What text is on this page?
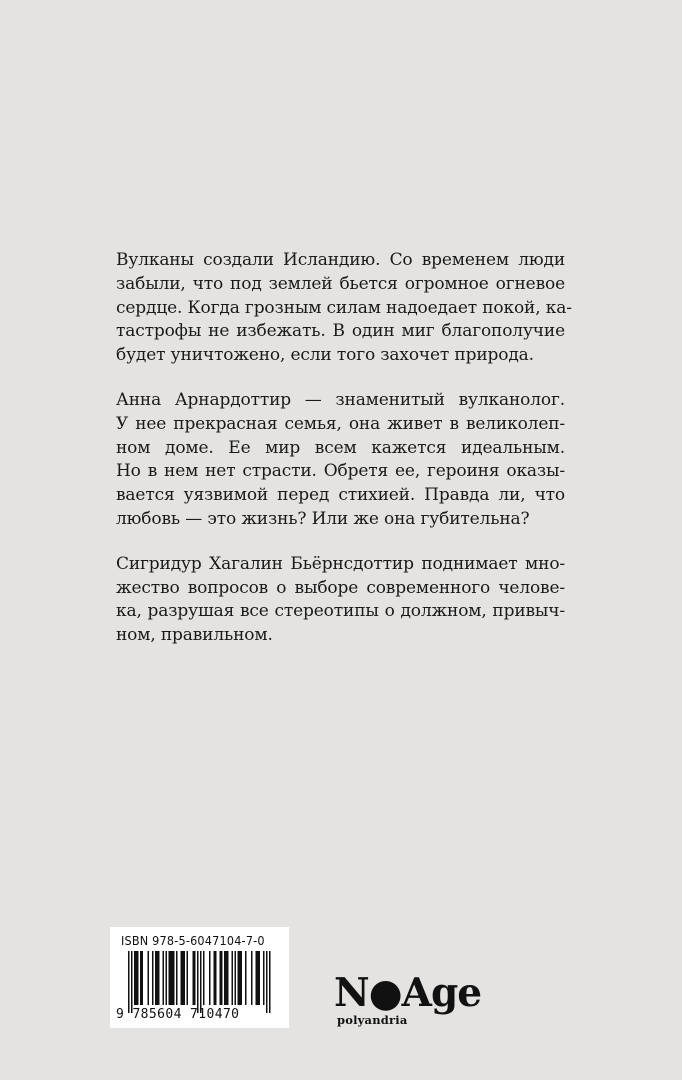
Вулканы создали Исландию. Со временем люди
забыли, что под землей бьется огромное огневое
сердце. Когда грозным силам надоедает покой, ка-
тастрофы не избежать. В один миг благополучие
будет уничтожено, если того захочет природа.

Анна Арнардоттир — знаменитый вулканолог.
У нее прекрасная семья, она живет в великолеп-
ном доме. Ее мир всем кажется идеальным.
Но в нем нет страсти. Обретя ее, героиня оказы-
вается уязвимой перед стихией. Правда ли, что
любовь — это жизнь? Или же она губительна?

Сигридур Хагалин Бьёрнсдоттир поднимает мно-
жество вопросов о выборе современного челове-
ка, разрушая все стереотипы о должном, привыч-
ном, правильном.

ISBN 978-5-6047104-7-0
9 785604 710470 N●Age
polyandria
